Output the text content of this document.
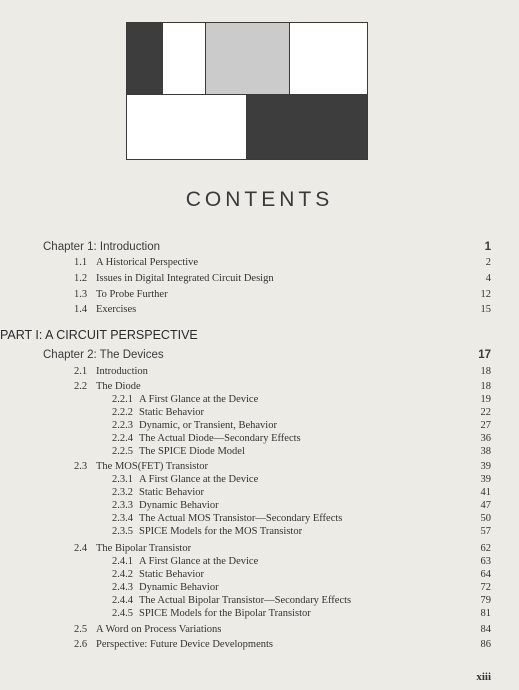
CONTENTS
Chapter 1: Introduction	1
1.1 A Historical Perspective	2
1.2 Issues in Digital Integrated Circuit Design	4
1.3 To Probe Further	12
1.4 Exercises	15
PART I: A CIRCUIT PERSPECTIVE
Chapter 2: The Devices	17
2.1 Introduction	18
2.2 The Diode	18
2.2.1 A First Glance at the Device	19
2.2.2 Static Behavior	22
2.2.3 Dynamic, or Transient, Behavior	27
2.2.4 The Actual Diode—Secondary Effects	36
2.2.5 The SPICE Diode Model	38
2.3 The MOS(FET) Transistor	39
2.3.1 A First Glance at the Device	39
2.3.2 Static Behavior	41
2.3.3 Dynamic Behavior	47
2.3.4 The Actual MOS Transistor—Secondary Effects	50
2.3.5 SPICE Models for the MOS Transistor	57
2.4 The Bipolar Transistor	62
2.4.1 A First Glance at the Device	63
2.4.2 Static Behavior	64
2.4.3 Dynamic Behavior	72
2.4.4 The Actual Bipolar Transistor—Secondary Effects	79
2.4.5 SPICE Models for the Bipolar Transistor	81
2.5 A Word on Process Variations	84
2.6 Perspective: Future Device Developments	86
xiii
